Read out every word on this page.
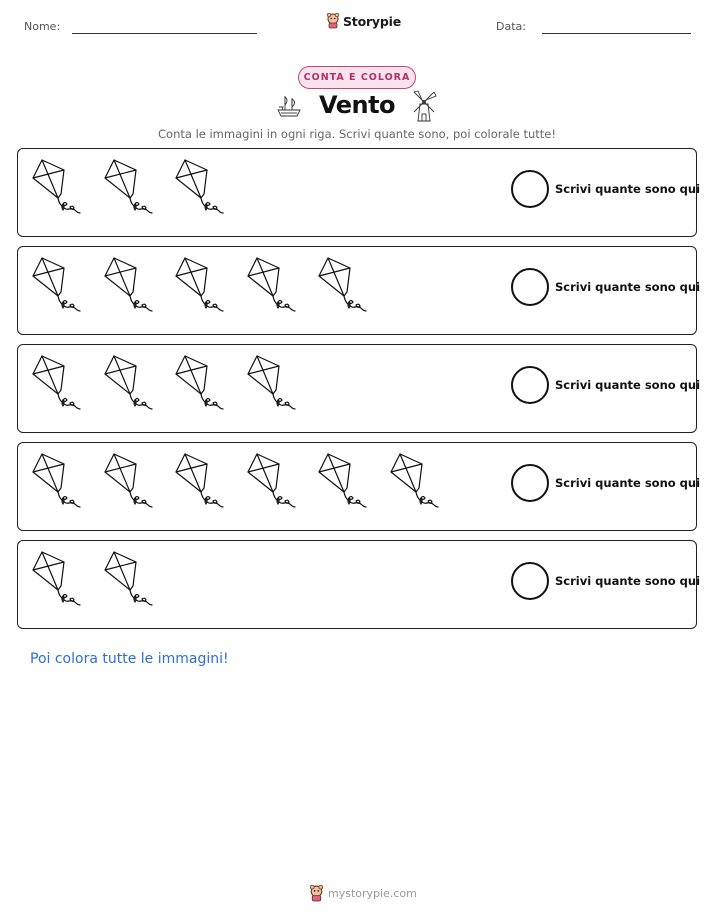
Nome:	Storypie	Data:
CONTA E COLORA
Vento
Conta le immagini in ogni riga. Scrivi quante sono, poi colorale tutte!
Scrivi quante sono qui
Scrivi quante sono qui
Scrivi quante sono qui
Scrivi quante sono qui
Scrivi quante sono qui
Poi colora tutte le immagini!
mystorypie.com
